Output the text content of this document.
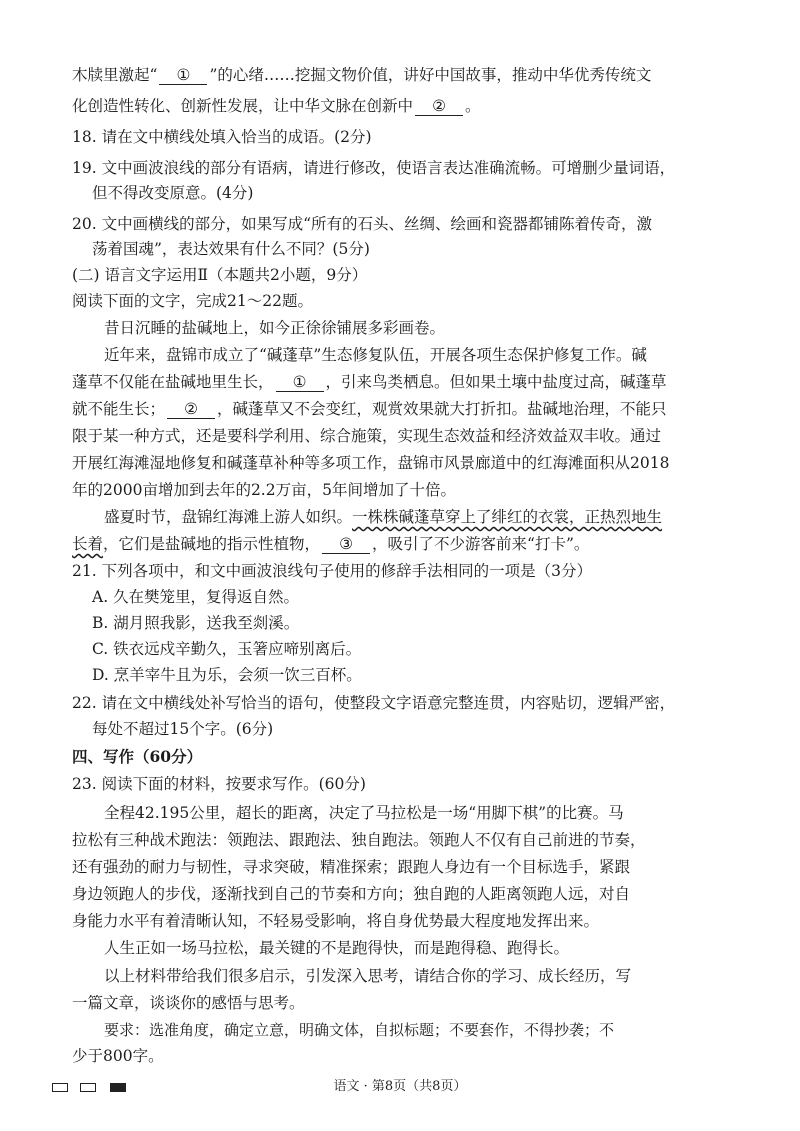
木牍里激起“ ① ”的心绪……挖掘文物价值，讲好中国故事，推动中华优秀传统文
化创造性转化、创新性发展，让中华文脉在创新中 ② 。
18. 请在文中横线处填入恰当的成语。(2分)
19. 文中画波浪线的部分有语病，请进行修改，使语言表达准确流畅。可增删少量词语，
但不得改变原意。(4分)
20. 文中画横线的部分，如果写成“所有的石头、丝绸、绘画和瓷器都铺陈着传奇，激
荡着国魂”，表达效果有什么不同？(5分)
(二) 语言文字运用Ⅱ（本题共2小题，9分）
阅读下面的文字，完成21～22题。
昔日沉睡的盐碱地上，如今正徐徐铺展多彩画卷。
近年来，盘锦市成立了“碱蓬草”生态修复队伍，开展各项生态保护修复工作。碱
蓬草不仅能在盐碱地里生长， ① ，引来鸟类栖息。但如果土壤中盐度过高，碱蓬草
就不能生长； ② ，碱蓬草又不会变红，观赏效果就大打折扣。盐碱地治理，不能只
限于某一种方式，还是要科学利用、综合施策，实现生态效益和经济效益双丰收。通过
开展红海滩湿地修复和碱蓬草补种等多项工作，盘锦市风景廊道中的红海滩面积从2018
年的2000亩增加到去年的2.2万亩，5年间增加了十倍。
盛夏时节，盘锦红海滩上游人如织。一株株碱蓬草穿上了绯红的衣裳，正热烈地生
长着，它们是盐碱地的指示性植物， ③ ，吸引了不少游客前来“打卡”。
21. 下列各项中，和文中画波浪线句子使用的修辞手法相同的一项是（3分）
A. 久在樊笼里，复得返自然。
B. 湖月照我影，送我至剡溪。
C. 铁衣远戍辛勤久，玉箸应啼别离后。
D. 烹羊宰牛且为乐，会须一饮三百杯。
22. 请在文中横线处补写恰当的语句，使整段文字语意完整连贯，内容贴切，逻辑严密，
每处不超过15个字。(6分)
四、写作（60分）
23. 阅读下面的材料，按要求写作。(60分)
全程42.195公里，超长的距离，决定了马拉松是一场“用脚下棋”的比赛。马
拉松有三种战术跑法：领跑法、跟跑法、独自跑法。领跑人不仅有自己前进的节奏，
还有强劲的耐力与韧性，寻求突破，精准探索；跟跑人身边有一个目标选手，紧跟
身边领跑人的步伐，逐渐找到自己的节奏和方向；独自跑的人距离领跑人远，对自
身能力水平有着清晰认知，不轻易受影响，将自身优势最大程度地发挥出来。
人生正如一场马拉松，最关键的不是跑得快，而是跑得稳、跑得长。
以上材料带给我们很多启示，引发深入思考，请结合你的学习、成长经历，写
一篇文章，谈谈你的感悟与思考。
要求：选准角度，确定立意，明确文体，自拟标题；不要套作，不得抄袭；不
少于800字。
语文 · 第8页（共8页）
